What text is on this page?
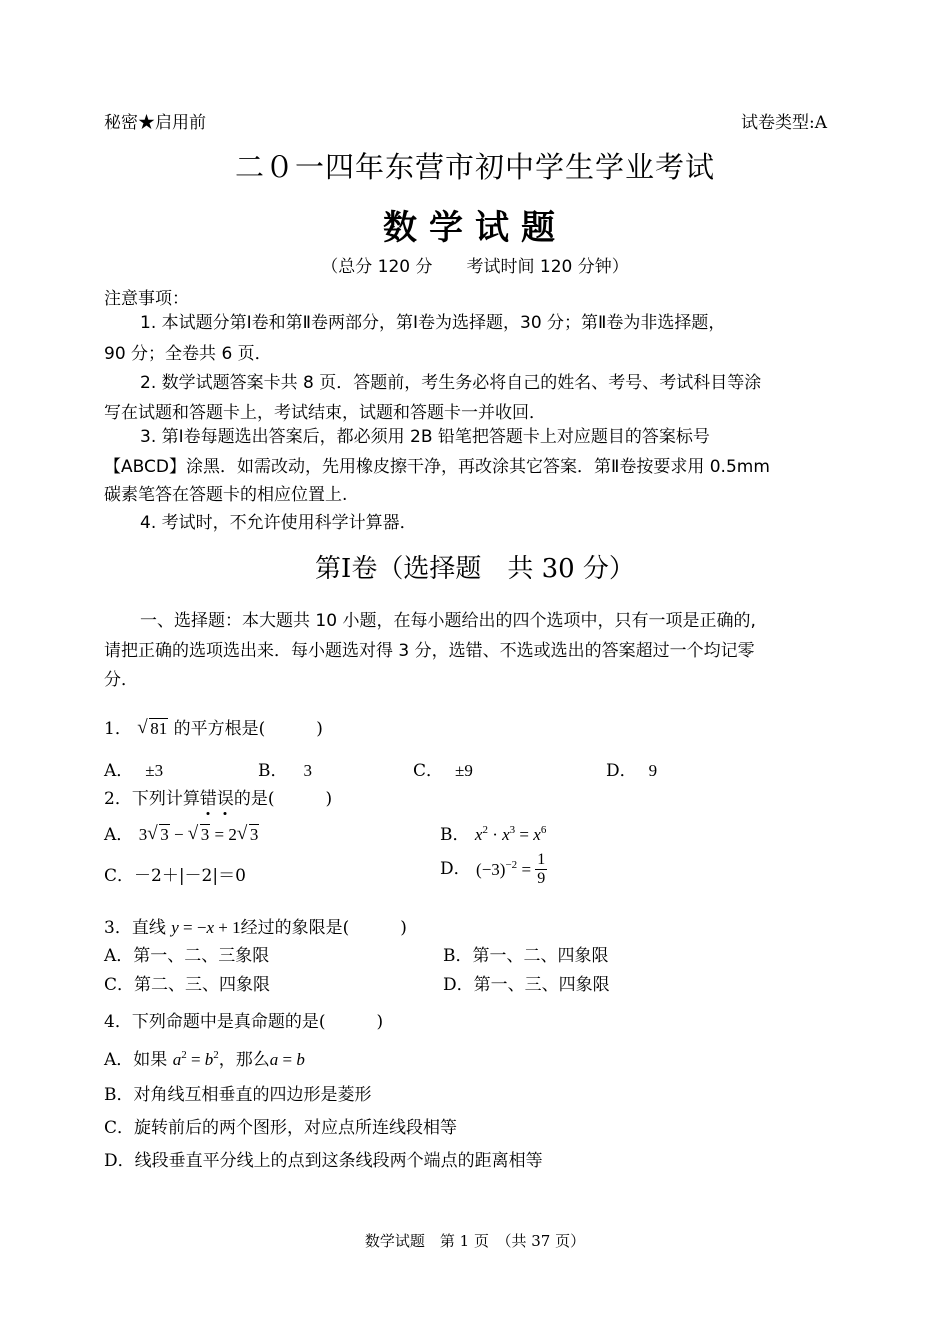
秘密★启用前	试卷类型:A
二０一四年东营市初中学生学业考试
数学试题
（总分 120 分　　考试时间 120 分钟）
注意事项：
1. 本试题分第Ⅰ卷和第Ⅱ卷两部分，第Ⅰ卷为选择题，30 分；第Ⅱ卷为非选择题，
90 分；全卷共 6 页．
2. 数学试题答案卡共 8 页．答题前，考生务必将自己的姓名、考号、考试科目等涂
写在试题和答题卡上，考试结束，试题和答题卡一并收回．
3. 第Ⅰ卷每题选出答案后，都必须用 2B 铅笔把答题卡上对应题目的答案标号
【ABCD】涂黑．如需改动，先用橡皮擦干净，再改涂其它答案．第Ⅱ卷按要求用 0.5mm
碳素笔答在答题卡的相应位置上.
4. 考试时，不允许使用科学计算器．
第Ⅰ卷（选择题　共 30 分）
一、选择题：本大题共 10 小题，在每小题给出的四个选项中，只有一项是正确的,
请把正确的选项选出来．每小题选对得 3 分，选错、不选或选出的答案超过一个均记零
分．
1． √ 81 的平方根是(　　　)
A． ±3	B． 3	C． ±9	D． 9
2．下列计算错误的是(　　　)
A． 3 √ 3 − √ 3 = 2 √ 3	B． $x^2 \cdot x^3 = x^6$
C．－2＋|－2|＝0	D． $(-3)^{-2} = \frac{1}{9}$
3．直线 y = −x + 1经过的象限是(　　　)
A．第一、二、三象限	B．第一、二、四象限
C．第二、三、四象限	D．第一、三、四象限
4．下列命题中是真命题的是(　　　)
A．如果 $a^2 = b^2$，那么a = b
B．对角线互相垂直的四边形是菱形
C．旋转前后的两个图形，对应点所连线段相等
D．线段垂直平分线上的点到这条线段两个端点的距离相等
数学试题　第 1 页　（共 37 页）
